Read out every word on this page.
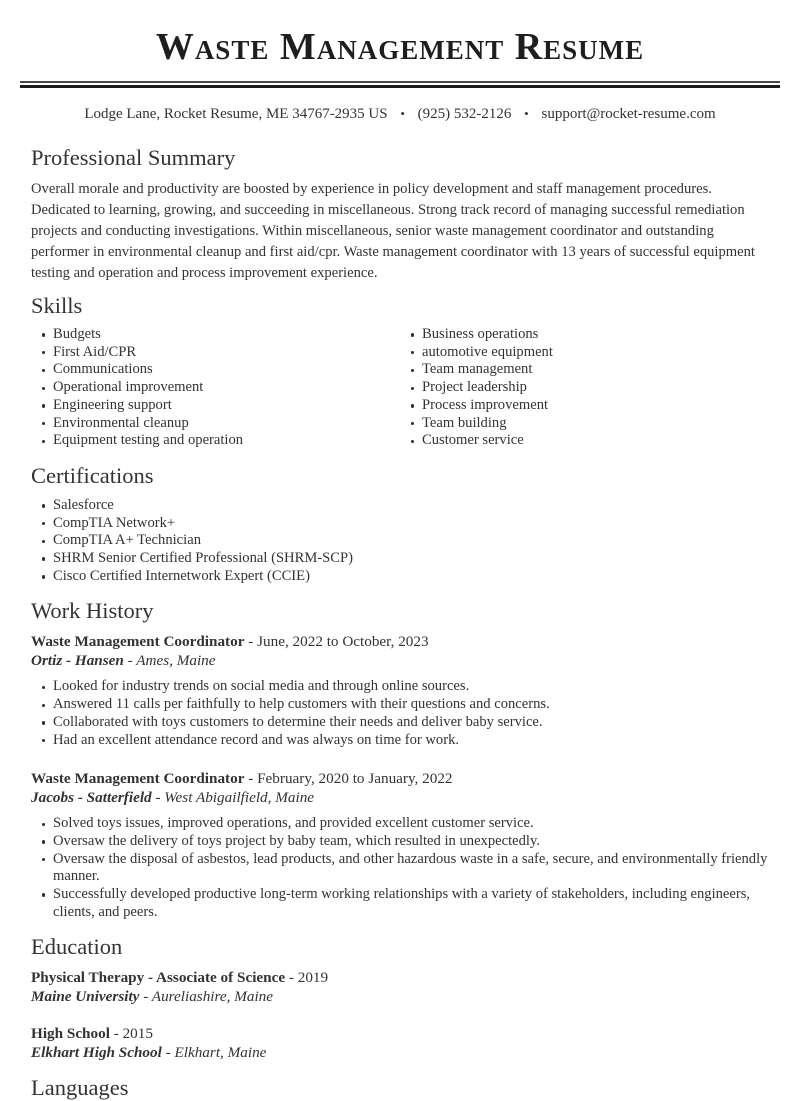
Waste Management Resume
Lodge Lane, Rocket Resume, ME 34767-2935 US • (925) 532-2126 • support@rocket-resume.com
Professional Summary

Overall morale and productivity are boosted by experience in policy development and staff management procedures. Dedicated to learning, growing, and succeeding in miscellaneous. Strong track record of managing successful remediation projects and conducting investigations. Within miscellaneous, senior waste management coordinator and outstanding performer in environmental cleanup and first aid/cpr. Waste management coordinator with 13 years of successful equipment testing and operation and process improvement experience.

Skills
Budgets
First Aid/CPR
Communications
Operational improvement
Engineering support
Environmental cleanup
Equipment testing and operation
Business operations
automotive equipment
Team management
Project leadership
Process improvement
Team building
Customer service
Certifications
Salesforce
CompTIA Network+
CompTIA A+ Technician
SHRM Senior Certified Professional (SHRM-SCP)
Cisco Certified Internetwork Expert (CCIE)
Work History
Waste Management Coordinator - June, 2022 to October, 2023
Ortiz - Hansen - Ames, Maine
Looked for industry trends on social media and through online sources.
Answered 11 calls per faithfully to help customers with their questions and concerns.
Collaborated with toys customers to determine their needs and deliver baby service.
Had an excellent attendance record and was always on time for work.
Waste Management Coordinator - February, 2020 to January, 2022
Jacobs - Satterfield - West Abigailfield, Maine
Solved toys issues, improved operations, and provided excellent customer service.
Oversaw the delivery of toys project by baby team, which resulted in unexpectedly.
Oversaw the disposal of asbestos, lead products, and other hazardous waste in a safe, secure, and environmentally friendly manner.
Successfully developed productive long-term working relationships with a variety of stakeholders, including engineers, clients, and peers.
Education
Physical Therapy - Associate of Science - 2019
Maine University - Aureliashire, Maine
High School - 2015
Elkhart High School - Elkhart, Maine
Languages
